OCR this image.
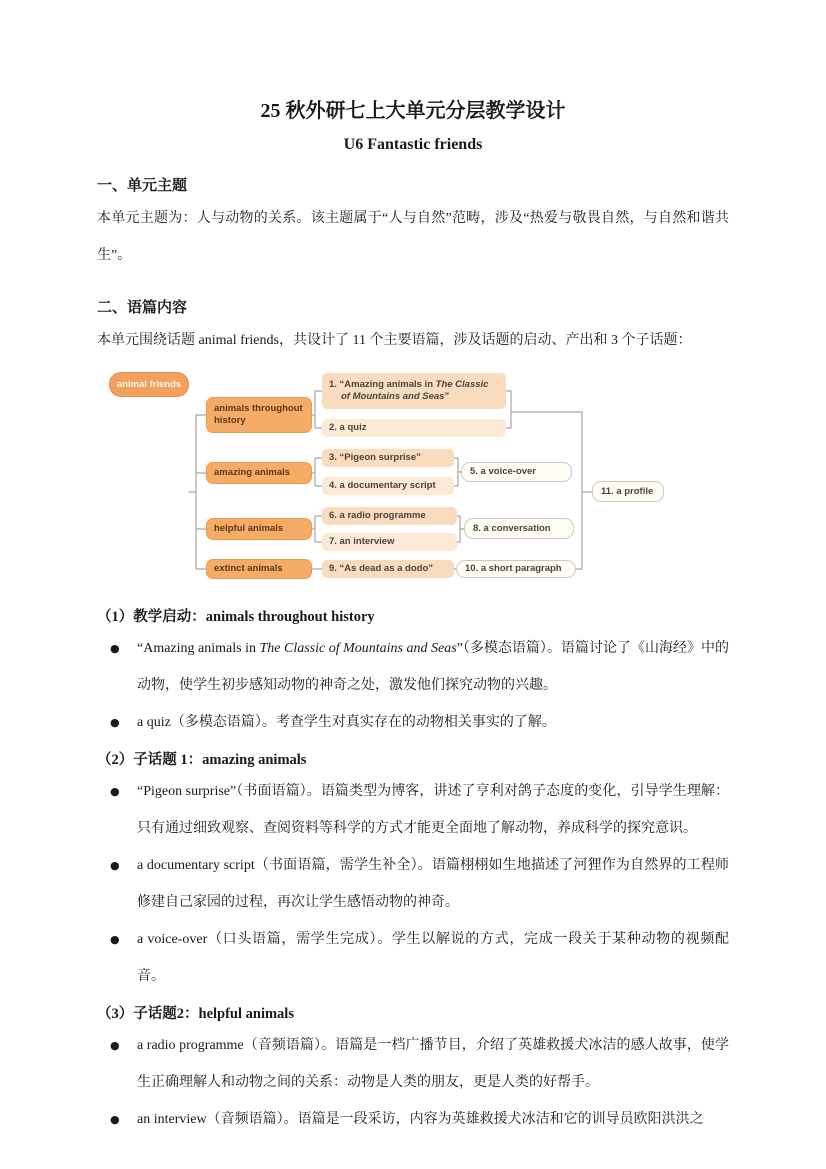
25 秋外研七上大单元分层教学设计
U6 Fantastic friends
一、单元主题

本单元主题为：人与动物的关系。该主题属于“人与自然”范畴，涉及“热爱与敬畏自然，与自然和谐共生”。

二、语篇内容

本单元围绕话题 animal friends，共设计了 11 个主要语篇，涉及话题的启动、产出和 3 个子话题：

animal friends
animals throughout history
amazing animals
helpful animals
extinct animals
1. “Amazing animals in The Classic of Mountains and Seas”
2. a quiz
3. “Pigeon surprise”
4. a documentary script
5. a voice-over
6. a radio programme
7. an interview
8. a conversation
9. “As dead as a dodo”	10. a short paragraph
11. a profile
（1）教学启动：animals throughout history
●	“Amazing animals in The Classic of Mountains and Seas”（多模态语篇）。语篇讨论了《山海经》中的动物，使学生初步感知动物的神奇之处，激发他们探究动物的兴趣。
●	a quiz（多模态语篇）。考查学生对真实存在的动物相关事实的了解。
（2）子话题 1：amazing animals
●	“Pigeon surprise”（书面语篇）。语篇类型为博客，讲述了亨利对鸽子态度的变化，引导学生理解：只有通过细致观察、查阅资料等科学的方式才能更全面地了解动物，养成科学的探究意识。
●	a documentary script（书面语篇，需学生补全）。语篇栩栩如生地描述了河狸作为自然界的工程师修建自己家园的过程，再次让学生感悟动物的神奇。
●	a voice-over（口头语篇，需学生完成）。学生以解说的方式，完成一段关于某种动物的视频配音。
（3）子话题2：helpful animals
●	a radio programme（音频语篇）。语篇是一档广播节目，介绍了英雄救援犬冰洁的感人故事，使学生正确理解人和动物之间的关系：动物是人类的朋友，更是人类的好帮手。
●	an interview（音频语篇）。语篇是一段采访，内容为英雄救援犬冰洁和它的训导员欧阳洪洪之
